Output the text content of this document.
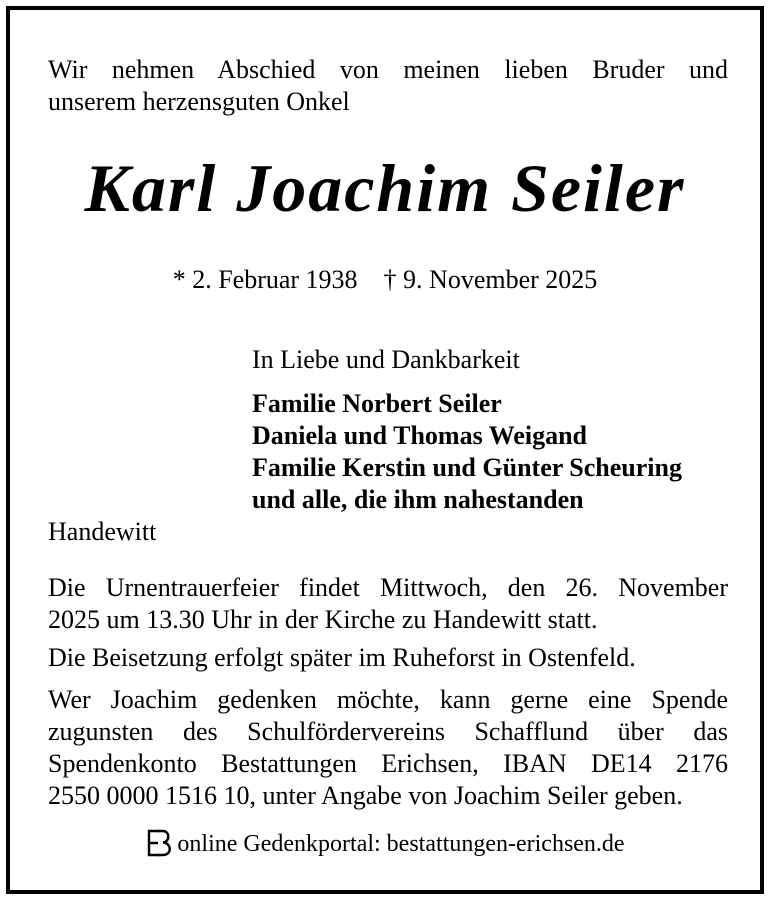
Wir nehmen Abschied von meinen lieben Bruder und
unserem herzensguten Onkel
Karl Joachim Seiler
* 2. Februar 1938 † 9. November 2025
In Liebe und Dankbarkeit
Familie Norbert Seiler
Daniela und Thomas Weigand
Familie Kerstin und Günter Scheuring
und alle, die ihm nahestanden
Handewitt
Die Urnentrauerfeier findet Mittwoch, den 26. November
2025 um 13.30 Uhr in der Kirche zu Handewitt statt.
Die Beisetzung erfolgt später im Ruheforst in Ostenfeld.
Wer Joachim gedenken möchte, kann gerne eine Spende
zugunsten des Schulfördervereins Schafflund über das
Spendenkonto Bestattungen Erichsen, IBAN DE14 2176
2550 0000 1516 10, unter Angabe von Joachim Seiler geben.
online Gedenkportal: bestattungen-erichsen.de
